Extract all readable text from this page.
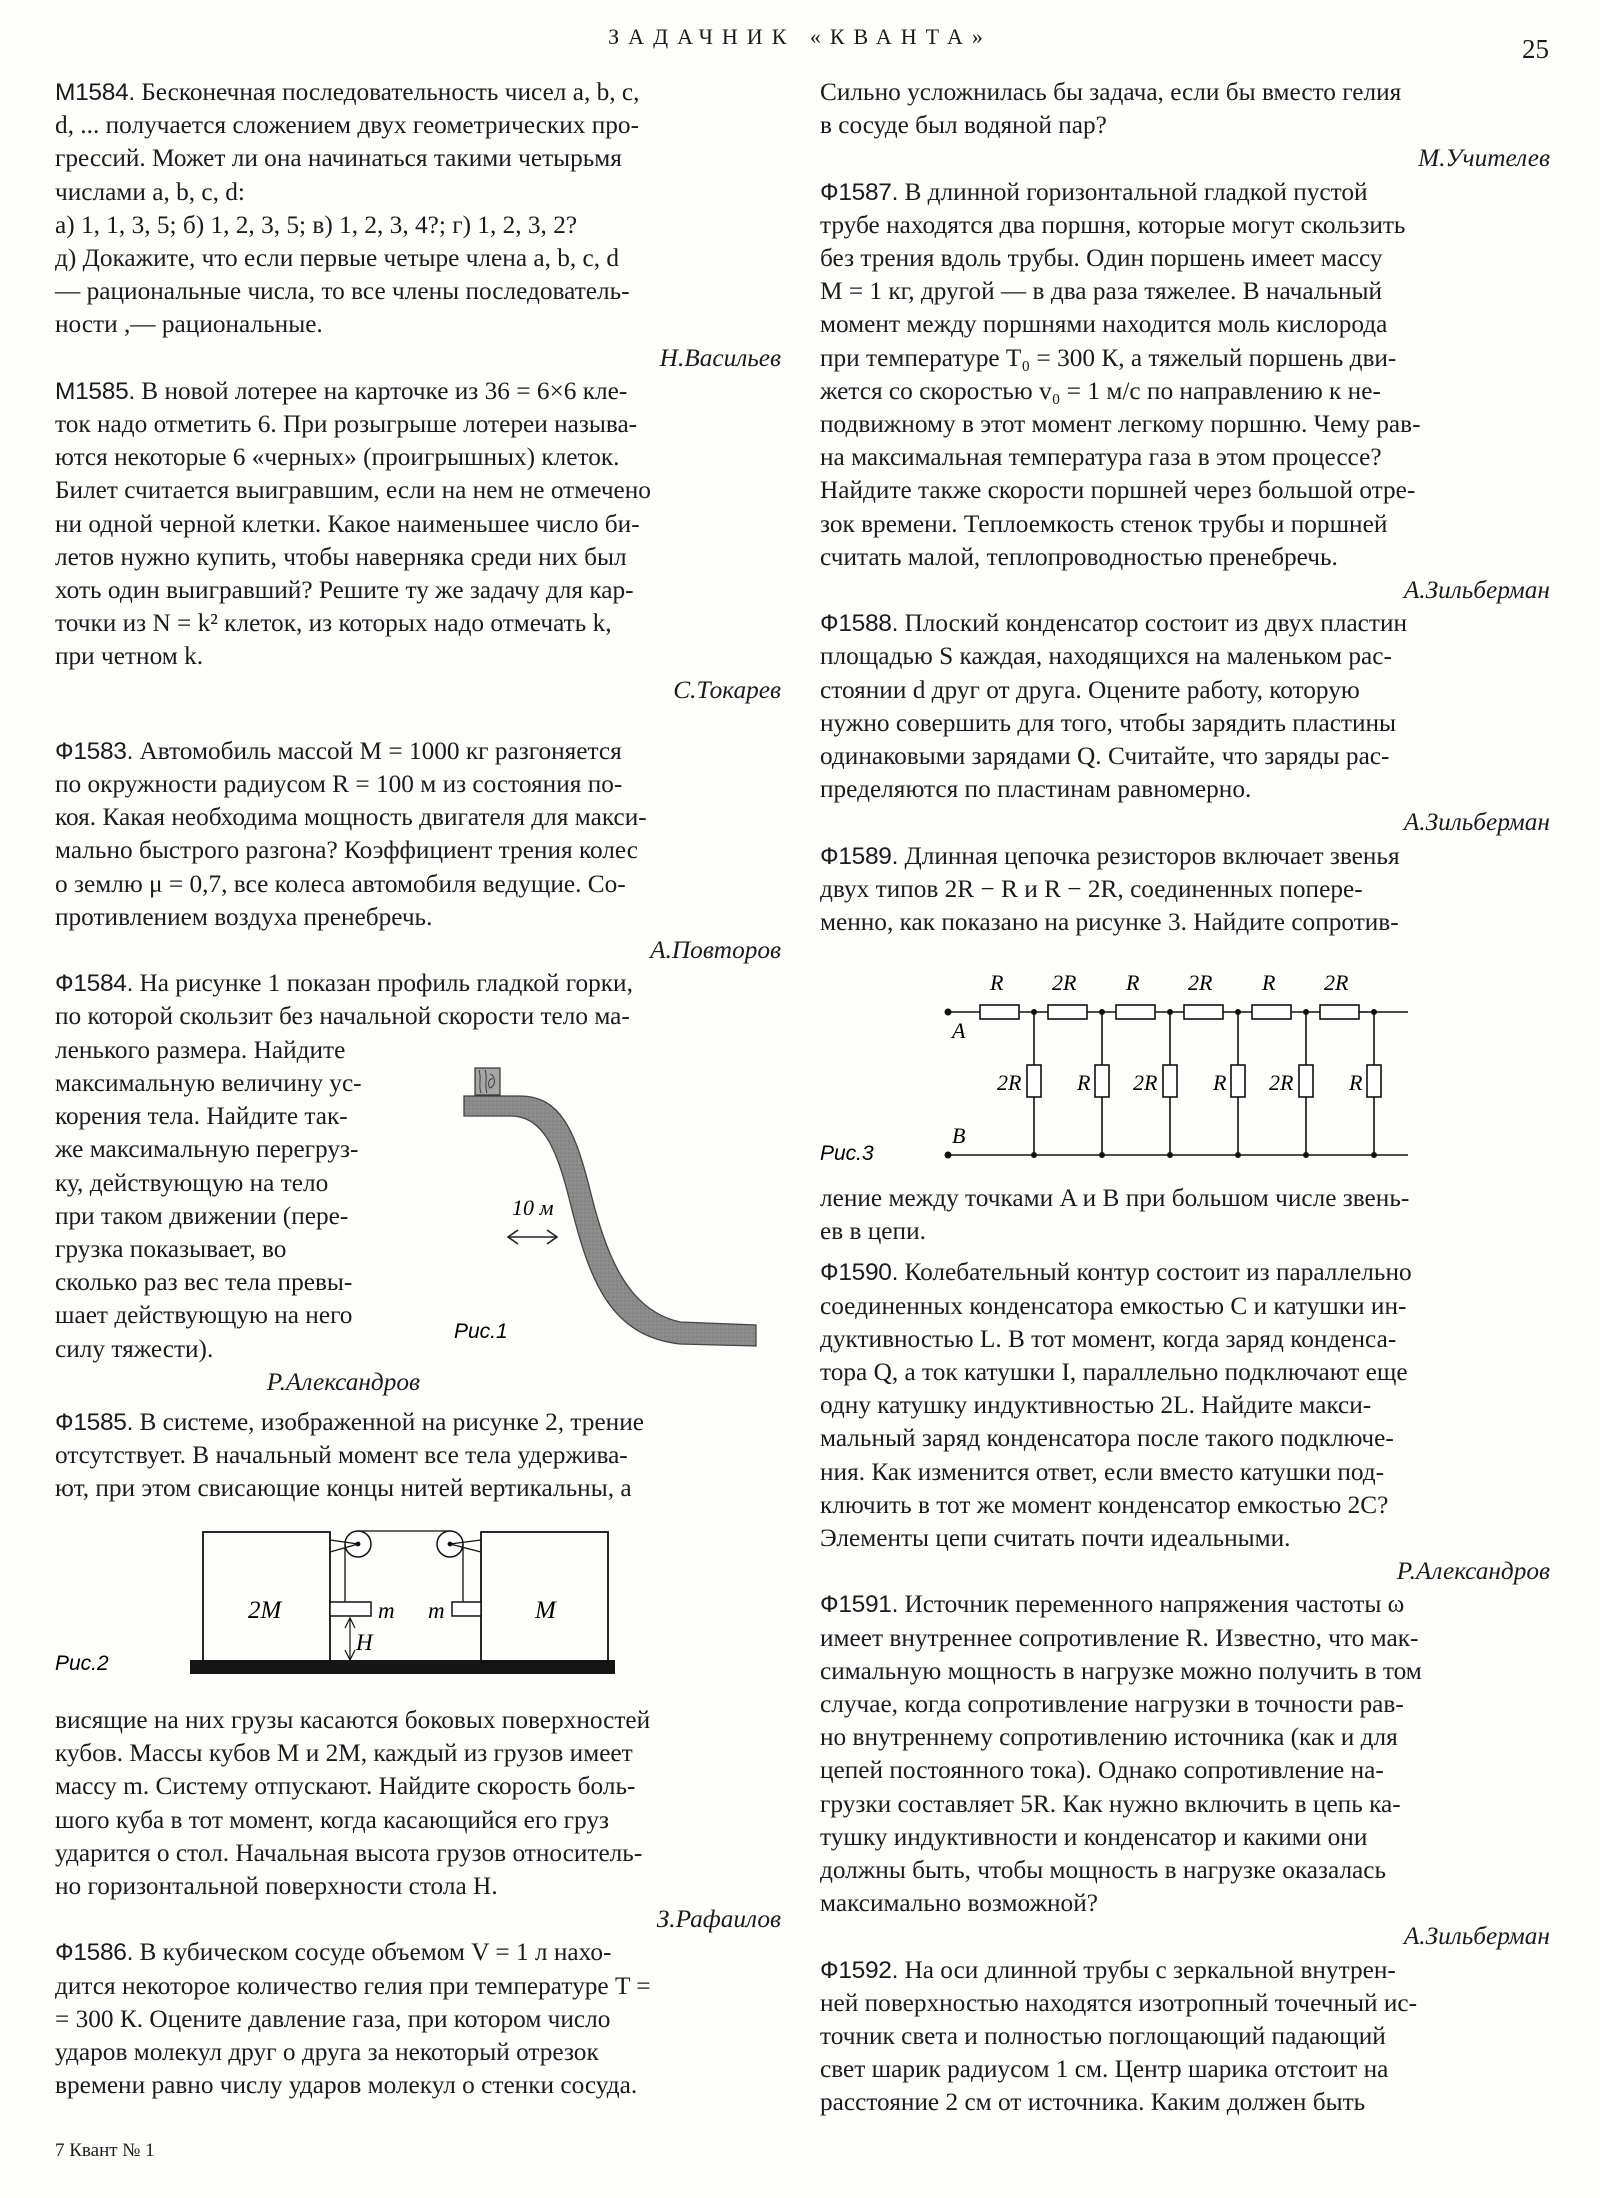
ЗАДАЧНИК «КВАНТА»	25

М1584. Бесконечная последовательность чисел a, b, c,

d, ... получается сложением двух геометрических про-

грессий. Может ли она начинаться такими четырьмя

числами a, b, c, d:

а) 1, 1, 3, 5; б) 1, 2, 3, 5; в) 1, 2, 3, 4?; г) 1, 2, 3, 2?

д) Докажите, что если первые четыре члена a, b, c, d

— рациональные числа, то все члены последователь-

ности ,— рациональные.

Н.Васильев

М1585. В новой лотерее на карточке из 36 = 6×6 кле-

ток надо отметить 6. При розыгрыше лотереи называ-

ются некоторые 6 «черных» (проигрышных) клеток.

Билет считается выигравшим, если на нем не отмечено

ни одной черной клетки. Какое наименьшее число би-

летов нужно купить, чтобы наверняка среди них был

хоть один выигравший? Решите ту же задачу для кар-

точки из N = k² клеток, из которых надо отмечать k,

при четном k.

С.Токарев

Ф1583. Автомобиль массой M = 1000 кг разгоняется

по окружности радиусом R = 100 м из состояния по-

коя. Какая необходима мощность двигателя для макси-

мально быстрого разгона? Коэффициент трения колес

о землю μ = 0,7, все колеса автомобиля ведущие. Со-

противлением воздуха пренебречь.

А.Повторов

Ф1584. На рисунке 1 показан профиль гладкой горки,

по которой скользит без начальной скорости тело ма-

ленького размера. Найдите

максимальную величину ус-

корения тела. Найдите так-

же максимальную перегруз-

ку, действующую на тело

при таком движении (пере-

грузка показывает, во

сколько раз вес тела превы-

шает действующую на него

силу тяжести).

Р.Александров

10 м
Рис.1

Ф1585. В системе, изображенной на рисунке 2, трение

отсутствует. В начальный момент все тела удержива-

ют, при этом свисающие концы нитей вертикальны, а

Рис.2
2M	M
m m
H

висящие на них грузы касаются боковых поверхностей

кубов. Массы кубов M и 2M, каждый из грузов имеет

массу m. Систему отпускают. Найдите скорость боль-

шого куба в тот момент, когда касающийся его груз

ударится о стол. Начальная высота грузов относитель-

но горизонтальной поверхности стола H.

З.Рафаилов

Ф1586. В кубическом сосуде объемом V = 1 л нахо-

дится некоторое количество гелия при температуре T =

= 300 К. Оцените давление газа, при котором число

ударов молекул друг о друга за некоторый отрезок

времени равно числу ударов молекул о стенки сосуда.

7 Квант № 1

Сильно усложнилась бы задача, если бы вместо гелия

в сосуде был водяной пар?

М.Учителев

Ф1587. В длинной горизонтальной гладкой пустой

трубе находятся два поршня, которые могут скользить

без трения вдоль трубы. Один поршень имеет массу

M = 1 кг, другой — в два раза тяжелее. В начальный

момент между поршнями находится моль кислорода

при температуре T₀ = 300 К, а тяжелый поршень дви-

жется со скоростью v₀ = 1 м/с по направлению к не-

подвижному в этот момент легкому поршню. Чему рав-

на максимальная температура газа в этом процессе?

Найдите также скорости поршней через большой отре-

зок времени. Теплоемкость стенок трубы и поршней

считать малой, теплопроводностью пренебречь.

А.Зильберман

Ф1588. Плоский конденсатор состоит из двух пластин

площадью S каждая, находящихся на маленьком рас-

стоянии d друг от друга. Оцените работу, которую

нужно совершить для того, чтобы зарядить пластины

одинаковыми зарядами Q. Считайте, что заряды рас-

пределяются по пластинам равномерно.

А.Зильберман

Ф1589. Длинная цепочка резисторов включает звенья

двух типов 2R − R и R − 2R, соединенных попере-

менно, как показано на рисунке 3. Найдите сопротив-

Рис.3
A
B
R 2R R 2R R 2R
2R	R 2R	R 2R	R

ление между точками A и B при большом числе звень-

ев в цепи.

Ф1590. Колебательный контур состоит из параллельно

соединенных конденсатора емкостью C и катушки ин-

дуктивностью L. В тот момент, когда заряд конденса-

тора Q, а ток катушки I, параллельно подключают еще

одну катушку индуктивностью 2L. Найдите макси-

мальный заряд конденсатора после такого подключе-

ния. Как изменится ответ, если вместо катушки под-

ключить в тот же момент конденсатор емкостью 2C?

Элементы цепи считать почти идеальными.

Р.Александров

Ф1591. Источник переменного напряжения частоты ω

имеет внутреннее сопротивление R. Известно, что мак-

симальную мощность в нагрузке можно получить в том

случае, когда сопротивление нагрузки в точности рав-

но внутреннему сопротивлению источника (как и для

цепей постоянного тока). Однако сопротивление на-

грузки составляет 5R. Как нужно включить в цепь ка-

тушку индуктивности и конденсатор и какими они

должны быть, чтобы мощность в нагрузке оказалась

максимально возможной?

А.Зильберман

Ф1592. На оси длинной трубы с зеркальной внутрен-

ней поверхностью находятся изотропный точечный ис-

точник света и полностью поглощающий падающий

свет шарик радиусом 1 см. Центр шарика отстоит на

расстояние 2 см от источника. Каким должен быть
